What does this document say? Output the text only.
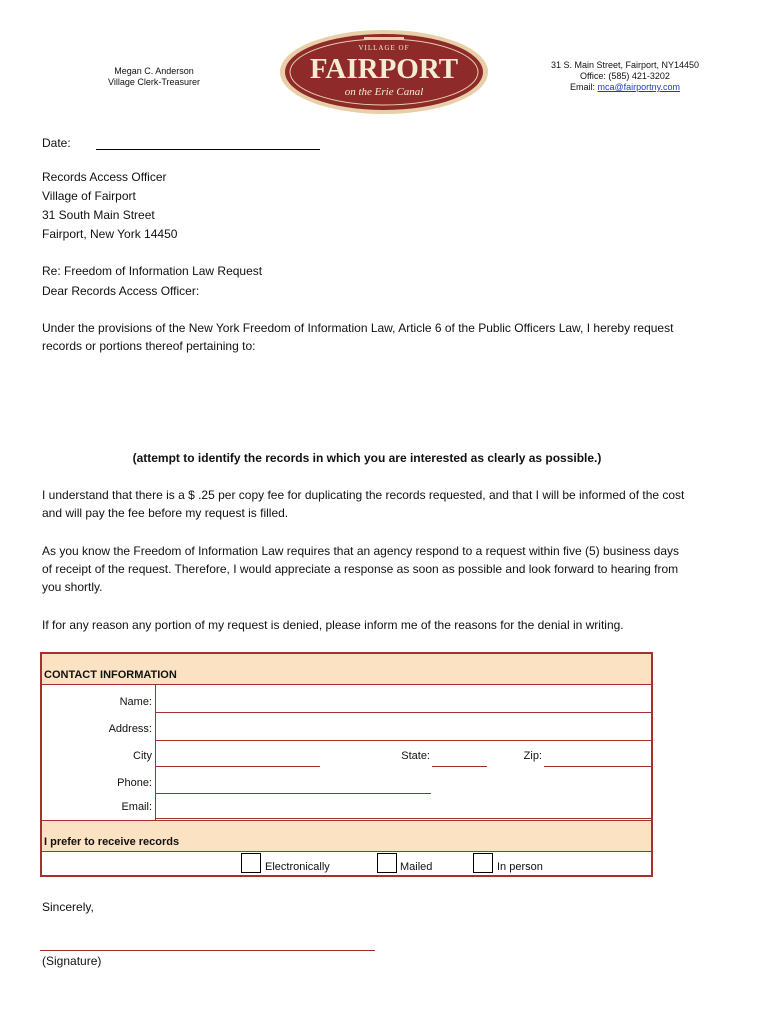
Megan C. Anderson
Village Clerk-Treasurer
VILLAGE OF
FAIRPORT
on the Erie Canal
31 S. Main Street, Fairport, NY14450
Office: (585) 421-3202
Email: mca@fairportny.com
Date:
Records Access Officer
Village of Fairport
31 South Main Street
Fairport, New York 14450
Re: Freedom of Information Law Request
Dear Records Access Officer:
Under the provisions of the New York Freedom of Information Law, Article 6 of the Public Officers Law, I hereby request records or portions thereof pertaining to:
(attempt to identify the records in which you are interested as clearly as possible.)
I understand that there is a $ .25 per copy fee for duplicating the records requested, and that I will be informed of the cost and will pay the fee before my request is filled.
As you know the Freedom of Information Law requires that an agency respond to a request within five (5) business days of receipt of the request. Therefore, I would appreciate a response as soon as possible and look forward to hearing from you shortly.
If for any reason any portion of my request is denied, please inform me of the reasons for the denial in writing.
CONTACT INFORMATION
Name:
Address:
City	State:	Zip:
Phone:
Email:
I prefer to receive records
Electronically	Mailed	In person
Sincerely,
(Signature)
